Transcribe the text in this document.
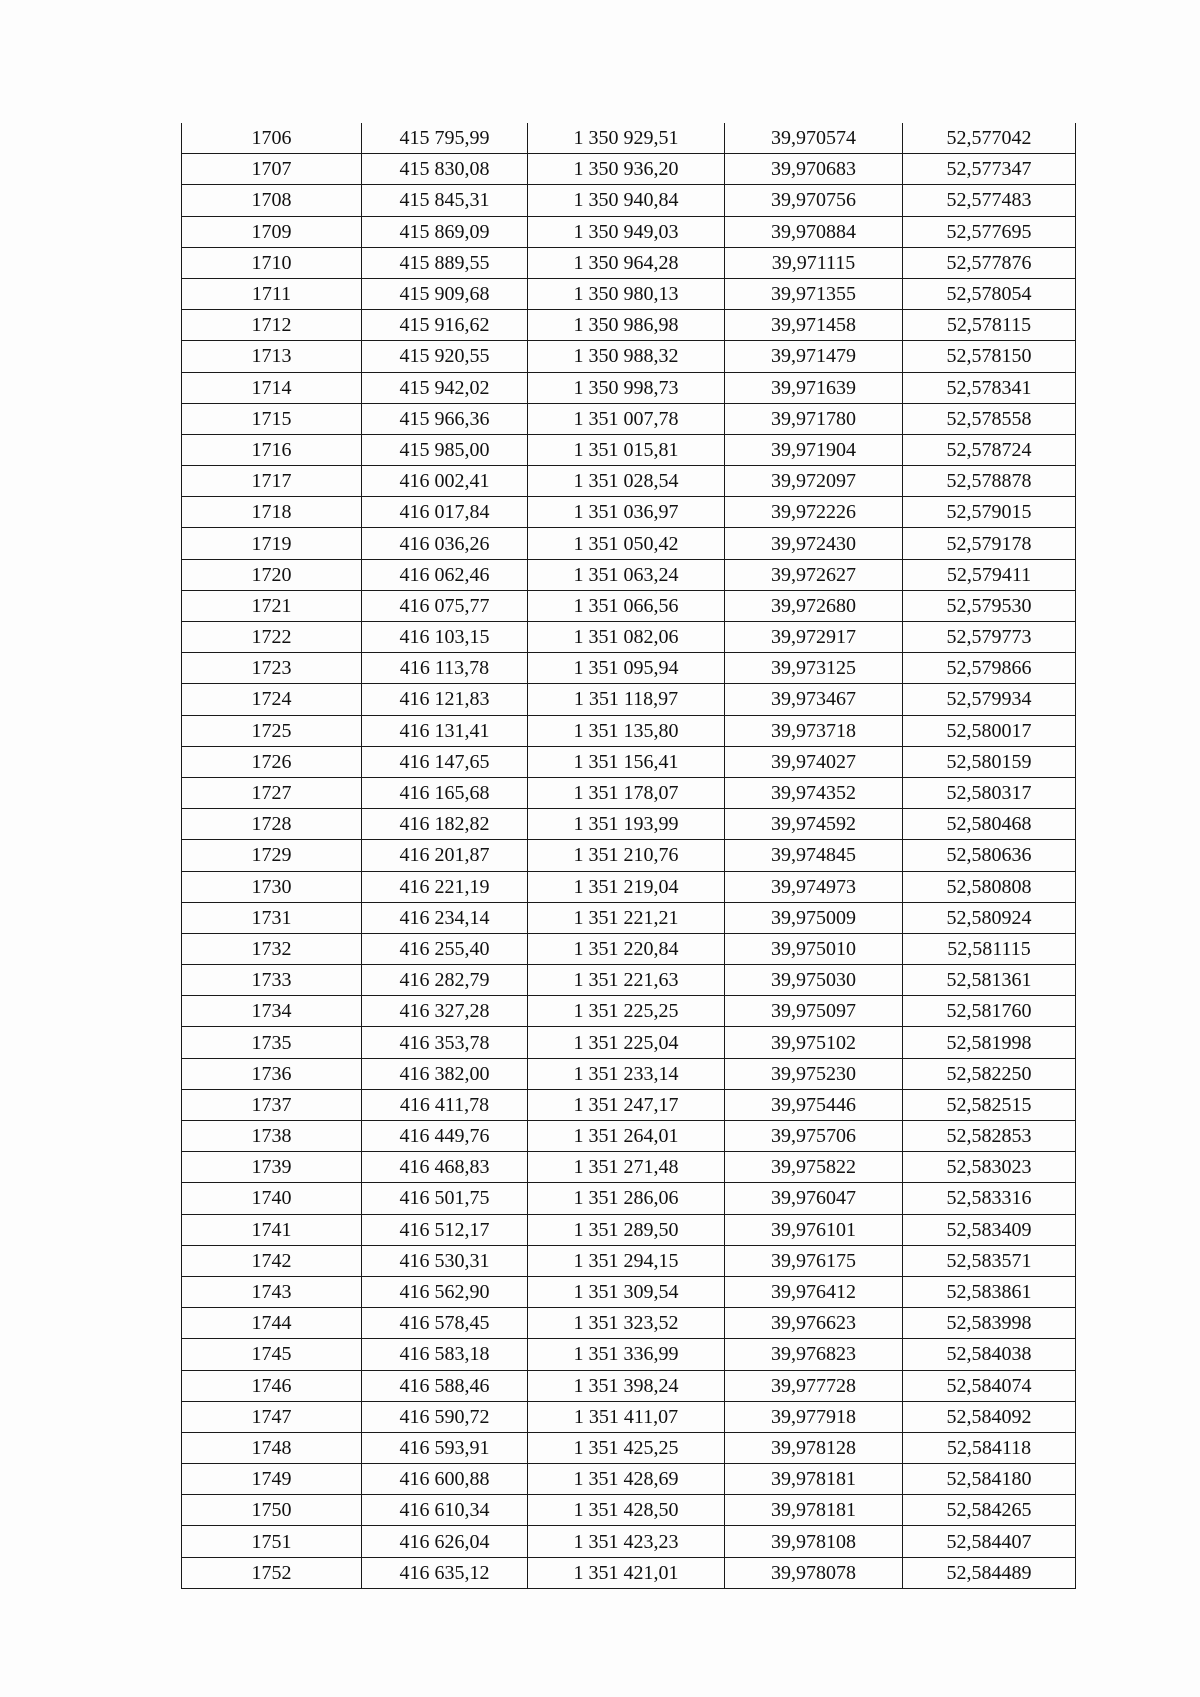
1706	415 795,99	1 350 929,51	39,970574	52,577042
1707	415 830,08	1 350 936,20	39,970683	52,577347
1708	415 845,31	1 350 940,84	39,970756	52,577483
1709	415 869,09	1 350 949,03	39,970884	52,577695
1710	415 889,55	1 350 964,28	39,971115	52,577876
1711	415 909,68	1 350 980,13	39,971355	52,578054
1712	415 916,62	1 350 986,98	39,971458	52,578115
1713	415 920,55	1 350 988,32	39,971479	52,578150
1714	415 942,02	1 350 998,73	39,971639	52,578341
1715	415 966,36	1 351 007,78	39,971780	52,578558
1716	415 985,00	1 351 015,81	39,971904	52,578724
1717	416 002,41	1 351 028,54	39,972097	52,578878
1718	416 017,84	1 351 036,97	39,972226	52,579015
1719	416 036,26	1 351 050,42	39,972430	52,579178
1720	416 062,46	1 351 063,24	39,972627	52,579411
1721	416 075,77	1 351 066,56	39,972680	52,579530
1722	416 103,15	1 351 082,06	39,972917	52,579773
1723	416 113,78	1 351 095,94	39,973125	52,579866
1724	416 121,83	1 351 118,97	39,973467	52,579934
1725	416 131,41	1 351 135,80	39,973718	52,580017
1726	416 147,65	1 351 156,41	39,974027	52,580159
1727	416 165,68	1 351 178,07	39,974352	52,580317
1728	416 182,82	1 351 193,99	39,974592	52,580468
1729	416 201,87	1 351 210,76	39,974845	52,580636
1730	416 221,19	1 351 219,04	39,974973	52,580808
1731	416 234,14	1 351 221,21	39,975009	52,580924
1732	416 255,40	1 351 220,84	39,975010	52,581115
1733	416 282,79	1 351 221,63	39,975030	52,581361
1734	416 327,28	1 351 225,25	39,975097	52,581760
1735	416 353,78	1 351 225,04	39,975102	52,581998
1736	416 382,00	1 351 233,14	39,975230	52,582250
1737	416 411,78	1 351 247,17	39,975446	52,582515
1738	416 449,76	1 351 264,01	39,975706	52,582853
1739	416 468,83	1 351 271,48	39,975822	52,583023
1740	416 501,75	1 351 286,06	39,976047	52,583316
1741	416 512,17	1 351 289,50	39,976101	52,583409
1742	416 530,31	1 351 294,15	39,976175	52,583571
1743	416 562,90	1 351 309,54	39,976412	52,583861
1744	416 578,45	1 351 323,52	39,976623	52,583998
1745	416 583,18	1 351 336,99	39,976823	52,584038
1746	416 588,46	1 351 398,24	39,977728	52,584074
1747	416 590,72	1 351 411,07	39,977918	52,584092
1748	416 593,91	1 351 425,25	39,978128	52,584118
1749	416 600,88	1 351 428,69	39,978181	52,584180
1750	416 610,34	1 351 428,50	39,978181	52,584265
1751	416 626,04	1 351 423,23	39,978108	52,584407
1752	416 635,12	1 351 421,01	39,978078	52,584489
